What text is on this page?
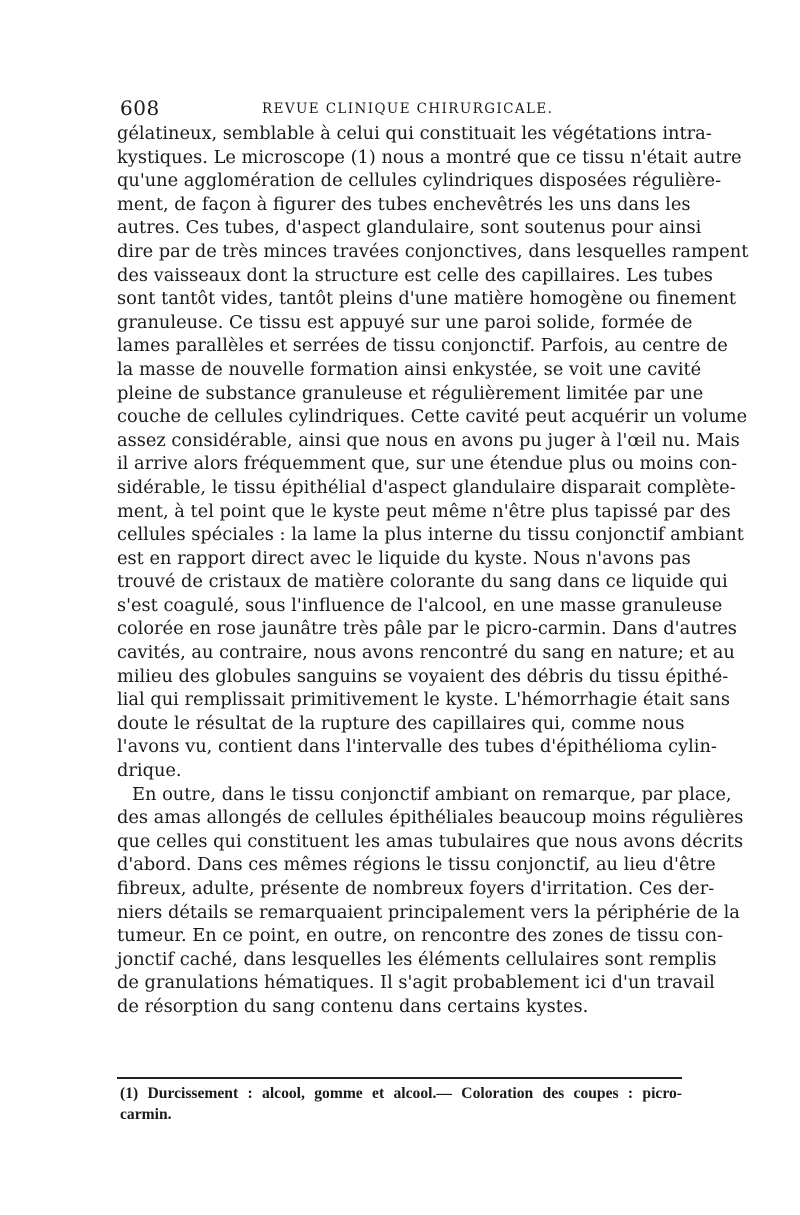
608	REVUE CLINIQUE CHIRURGICALE.
gélatineux, semblable à celui qui constituait les végétations intra-
kystiques. Le microscope (1) nous a montré que ce tissu n'était autre
qu'une agglomération de cellules cylindriques disposées régulière-
ment, de façon à figurer des tubes enchevêtrés les uns dans les
autres. Ces tubes, d'aspect glandulaire, sont soutenus pour ainsi
dire par de très minces travées conjonctives, dans lesquelles rampent
des vaisseaux dont la structure est celle des capillaires. Les tubes
sont tantôt vides, tantôt pleins d'une matière homogène ou finement
granuleuse. Ce tissu est appuyé sur une paroi solide, formée de
lames parallèles et serrées de tissu conjonctif. Parfois, au centre de
la masse de nouvelle formation ainsi enkystée, se voit une cavité
pleine de substance granuleuse et régulièrement limitée par une
couche de cellules cylindriques. Cette cavité peut acquérir un volume
assez considérable, ainsi que nous en avons pu juger à l'œil nu. Mais
il arrive alors fréquemment que, sur une étendue plus ou moins con-
sidérable, le tissu épithélial d'aspect glandulaire disparait complète-
ment, à tel point que le kyste peut même n'être plus tapissé par des
cellules spéciales : la lame la plus interne du tissu conjonctif ambiant
est en rapport direct avec le liquide du kyste. Nous n'avons pas
trouvé de cristaux de matière colorante du sang dans ce liquide qui
s'est coagulé, sous l'influence de l'alcool, en une masse granuleuse
colorée en rose jaunâtre très pâle par le picro-carmin. Dans d'autres
cavités, au contraire, nous avons rencontré du sang en nature; et au
milieu des globules sanguins se voyaient des débris du tissu épithé-
lial qui remplissait primitivement le kyste. L'hémorrhagie était sans
doute le résultat de la rupture des capillaires qui, comme nous
l'avons vu, contient dans l'intervalle des tubes d'épithélioma cylin-
drique.
En outre, dans le tissu conjonctif ambiant on remarque, par place,
des amas allongés de cellules épithéliales beaucoup moins régulières
que celles qui constituent les amas tubulaires que nous avons décrits
d'abord. Dans ces mêmes régions le tissu conjonctif, au lieu d'être
fibreux, adulte, présente de nombreux foyers d'irritation. Ces der-
niers détails se remarquaient principalement vers la périphérie de la
tumeur. En ce point, en outre, on rencontre des zones de tissu con-
jonctif caché, dans lesquelles les éléments cellulaires sont remplis
de granulations hématiques. Il s'agit probablement ici d'un travail
de résorption du sang contenu dans certains kystes.
(1) Durcissement : alcool, gomme et alcool.— Coloration des coupes : picro-
carmin.
